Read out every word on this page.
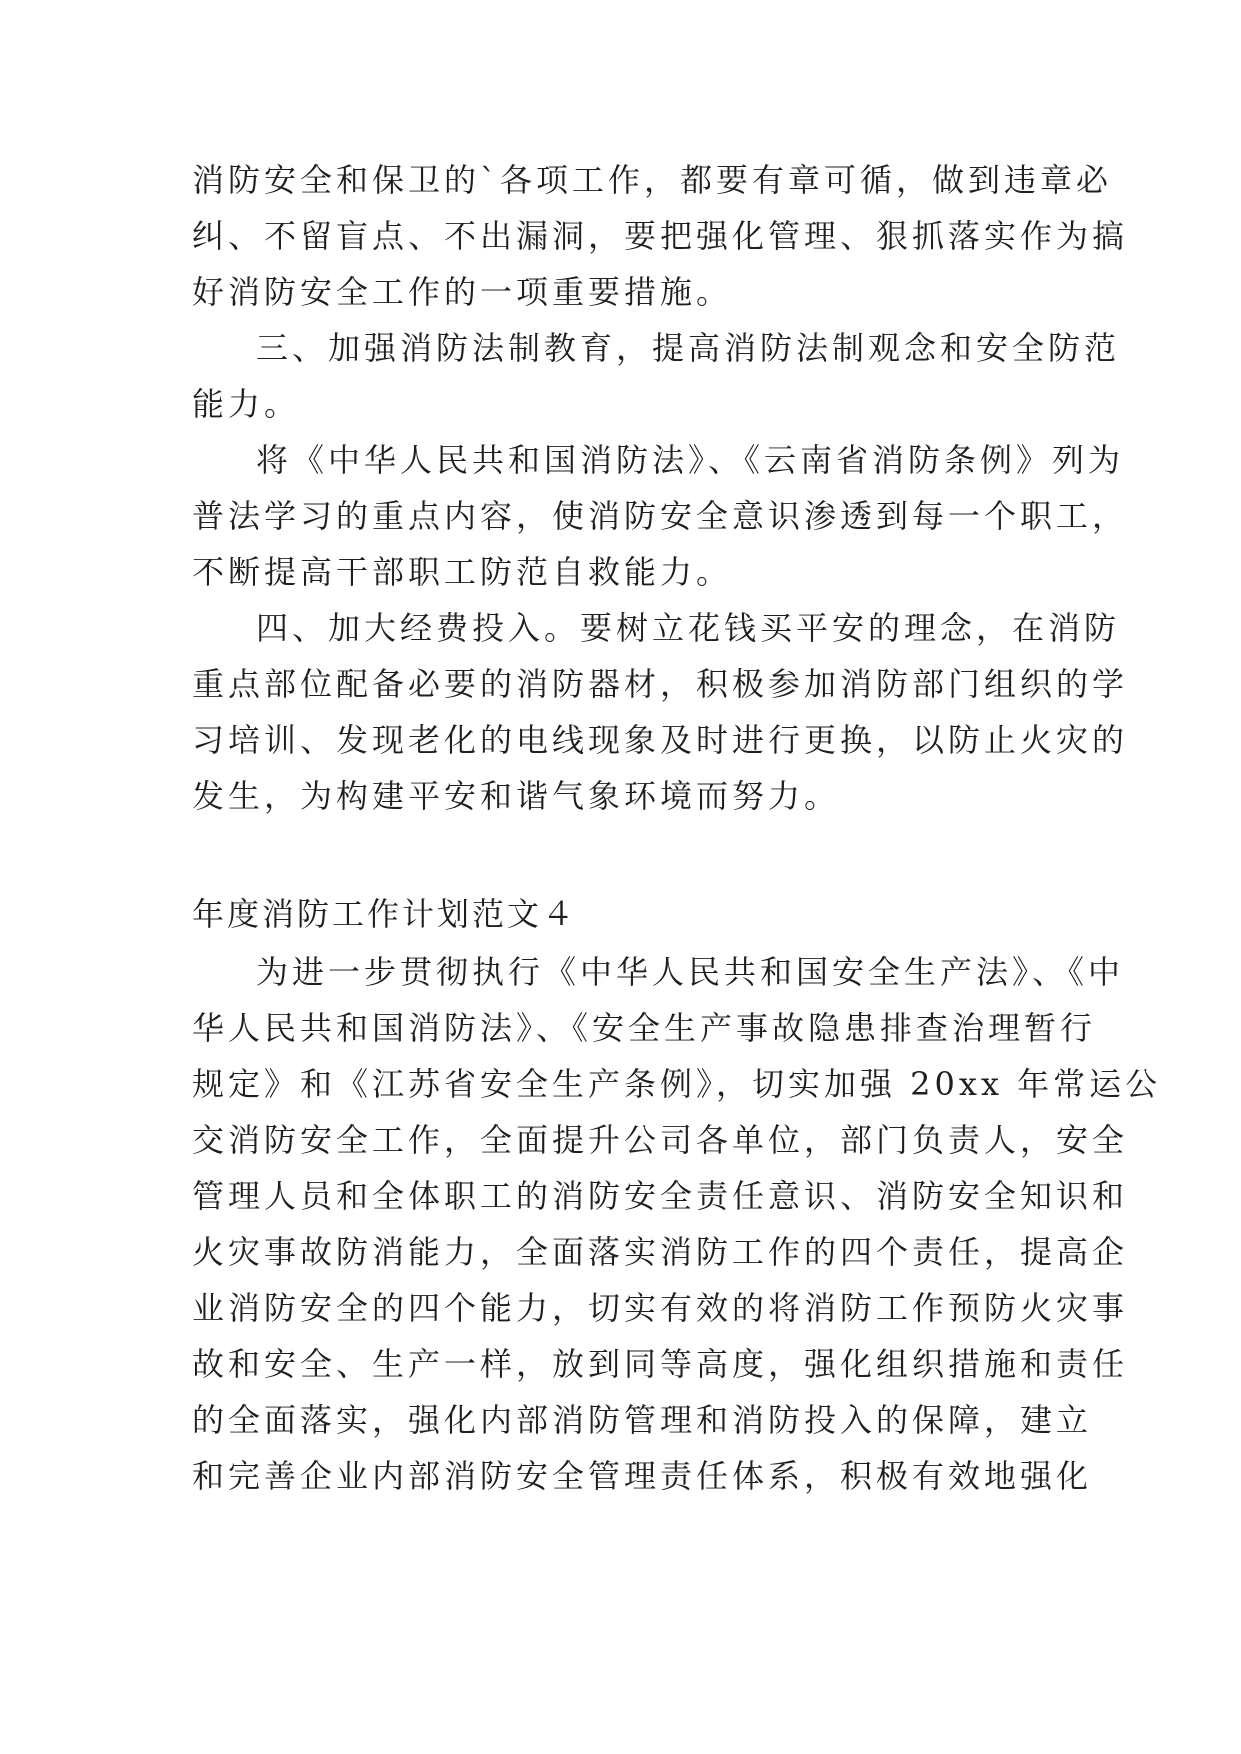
消防安全和保卫的`各项工作，都要有章可循，做到违章必
纠、不留盲点、不出漏洞，要把强化管理、狠抓落实作为搞
好消防安全工作的一项重要措施。
三、加强消防法制教育，提高消防法制观念和安全防范
能力。
将《中华人民共和国消防法》、《云南省消防条例》列为
普法学习的重点内容，使消防安全意识渗透到每一个职工，
不断提高干部职工防范自救能力。
四、加大经费投入。要树立花钱买平安的理念，在消防
重点部位配备必要的消防器材，积极参加消防部门组织的学
习培训、发现老化的电线现象及时进行更换，以防止火灾的
发生，为构建平安和谐气象环境而努力。
年度消防工作计划范文４
为进一步贯彻执行《中华人民共和国安全生产法》、《中
华人民共和国消防法》、《安全生产事故隐患排查治理暂行
规定》和《江苏省安全生产条例》，切实加强 20xx 年常运公
交消防安全工作，全面提升公司各单位，部门负责人，安全
管理人员和全体职工的消防安全责任意识、消防安全知识和
火灾事故防消能力，全面落实消防工作的四个责任，提高企
业消防安全的四个能力，切实有效的将消防工作预防火灾事
故和安全、生产一样，放到同等高度，强化组织措施和责任
的全面落实，强化内部消防管理和消防投入的保障，建立
和完善企业内部消防安全管理责任体系，积极有效地强化
